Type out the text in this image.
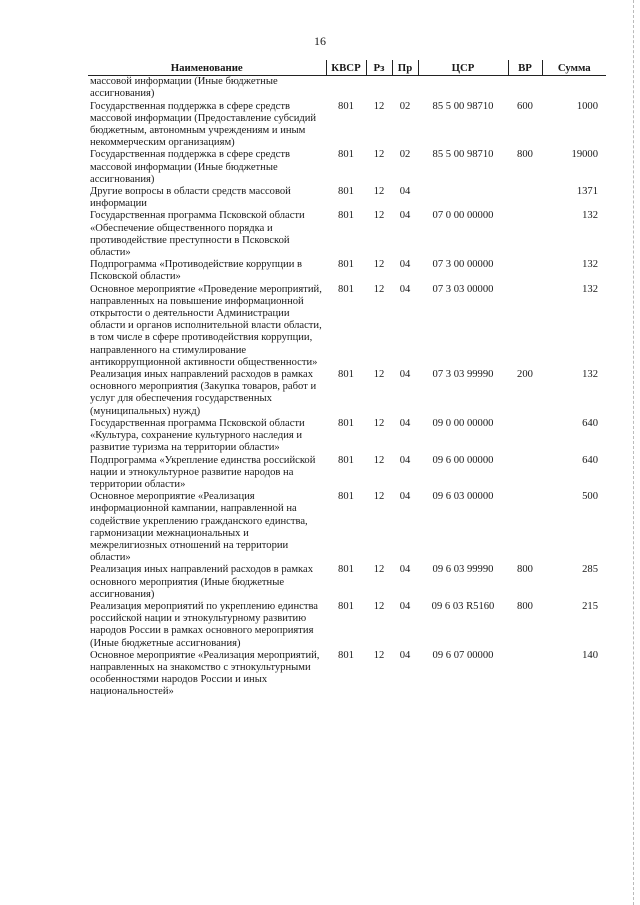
16
Наименование	КВСР	Рз	Пр	ЦСР	ВР	Сумма
массовой информации (Иные бюджетные ассигнования)						
Государственная поддержка в сфере средств массовой информации (Предоставление субсидий бюджетным, автономным учреждениям и иным некоммерческим организациям)	801	12	02	85 5 00 98710	600	1000
Государственная поддержка в сфере средств массовой информации (Иные бюджетные ассигнования)	801	12	02	85 5 00 98710	800	19000
Другие вопросы в области средств массовой информации	801	12	04			1371
Государственная программа Псковской области «Обеспечение общественного порядка и противодействие преступности в Псковской области»	801	12	04	07 0 00 00000		132
Подпрограмма «Противодействие коррупции в Псковской области»	801	12	04	07 3 00 00000		132
Основное мероприятие «Проведение мероприятий, направленных на повышение информационной открытости о деятельности Администрации области и органов исполнительной власти области, в том числе в сфере противодействия коррупции, направленного на стимулирование антикоррупционной активности общественности»	801	12	04	07 3 03 00000		132
Реализация иных направлений расходов в рамках основного мероприятия (Закупка товаров, работ и услуг для обеспечения государственных (муниципальных) нужд)	801	12	04	07 3 03 99990	200	132
Государственная программа Псковской области «Культура, сохранение культурного наследия и развитие туризма на территории области»	801	12	04	09 0 00 00000		640
Подпрограмма «Укрепление единства российской нации и этнокультурное развитие народов на территории области»	801	12	04	09 6 00 00000		640
Основное мероприятие «Реализация информационной кампании, направленной на содействие укреплению гражданского единства, гармонизации межнациональных и межрелигиозных отношений на территории области»	801	12	04	09 6 03 00000		500
Реализация иных направлений расходов в рамках основного мероприятия (Иные бюджетные ассигнования)	801	12	04	09 6 03 99990	800	285
Реализация мероприятий по укреплению единства российской нации и этнокультурному развитию народов России в рамках основного мероприятия (Иные бюджетные ассигнования)	801	12	04	09 6 03 R5160	800	215
Основное мероприятие «Реализация мероприятий, направленных на знакомство с этнокультурными особенностями народов России и иных национальностей»	801	12	04	09 6 07 00000		140
